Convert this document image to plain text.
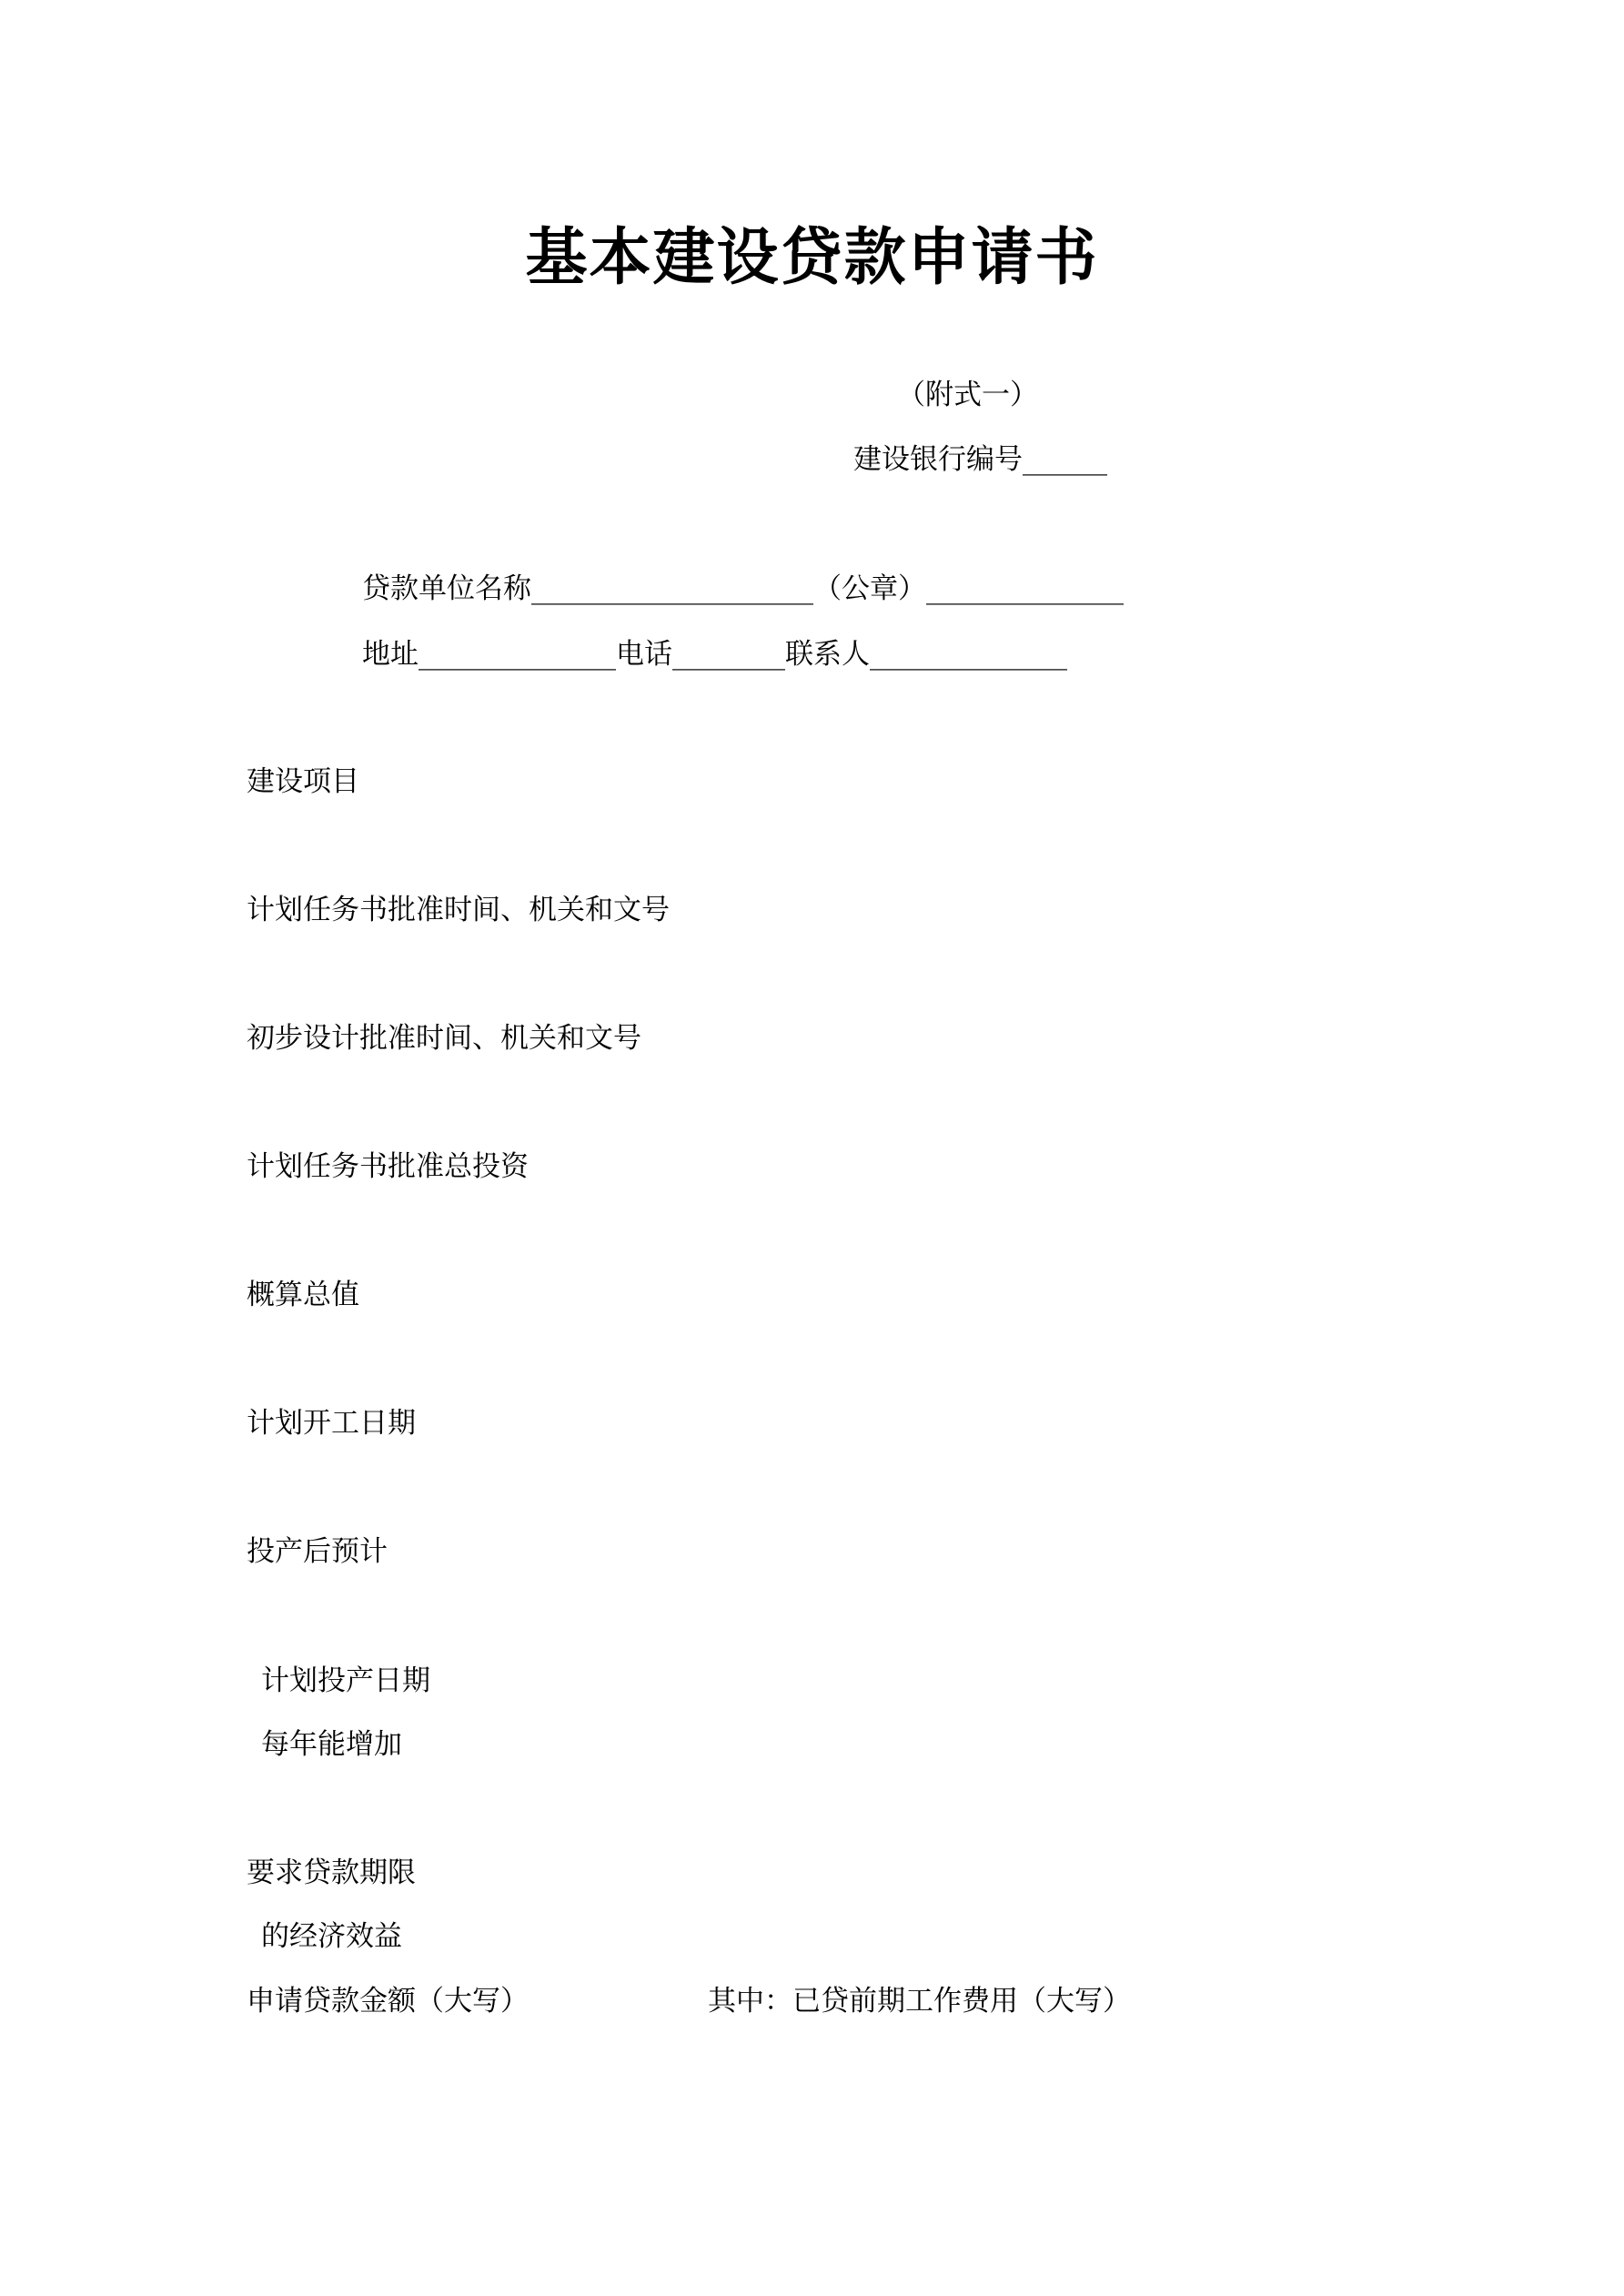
基本建设贷款申请书
（附式一）
建设银行编号______
贷款单位名称____________________（公章）______________
地址______________电话________联系人______________
建设项目
计划任务书批准时间、机关和文号
初步设计批准时间、机关和文号
计划任务书批准总投资
概算总值
计划开工日期
投产后预计
计划投产日期
每年能增加
要求贷款期限
的经济效益
申请贷款金额（大写）	其中：已贷前期工作费用（大写）
